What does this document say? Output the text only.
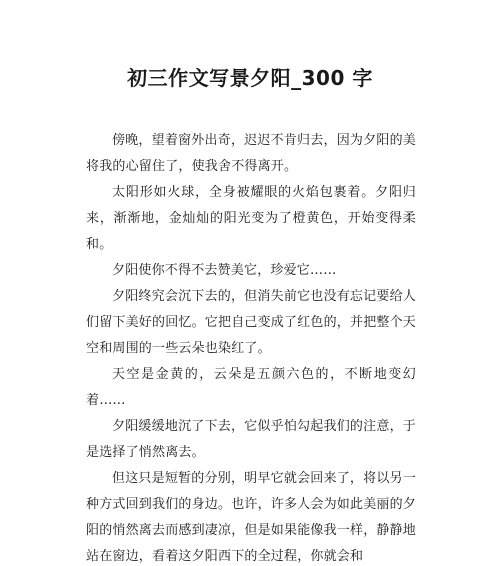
初三作文写景夕阳_300 字

傍晚，望着窗外出奇，迟迟不肯归去，因为夕阳的美将我的心留住了，使我舍不得离开。

太阳形如火球，全身被耀眼的火焰包裹着。夕阳归来，渐渐地，金灿灿的阳光变为了橙黄色，开始变得柔和。

夕阳使你不得不去赞美它，珍爱它……

夕阳终究会沉下去的，但消失前它也没有忘记要给人们留下美好的回忆。它把自己变成了红色的，并把整个天空和周围的一些云朵也染红了。

天空是金黄的，云朵是五颜六色的，不断地变幻着……

夕阳缓缓地沉了下去，它似乎怕勾起我们的注意，于是选择了悄然离去。

但这只是短暂的分别，明早它就会回来了，将以另一种方式回到我们的身边。也许，许多人会为如此美丽的夕阳的悄然离去而感到凄凉，但是如果能像我一样，静静地站在窗边，看着这夕阳西下的全过程，你就会和
